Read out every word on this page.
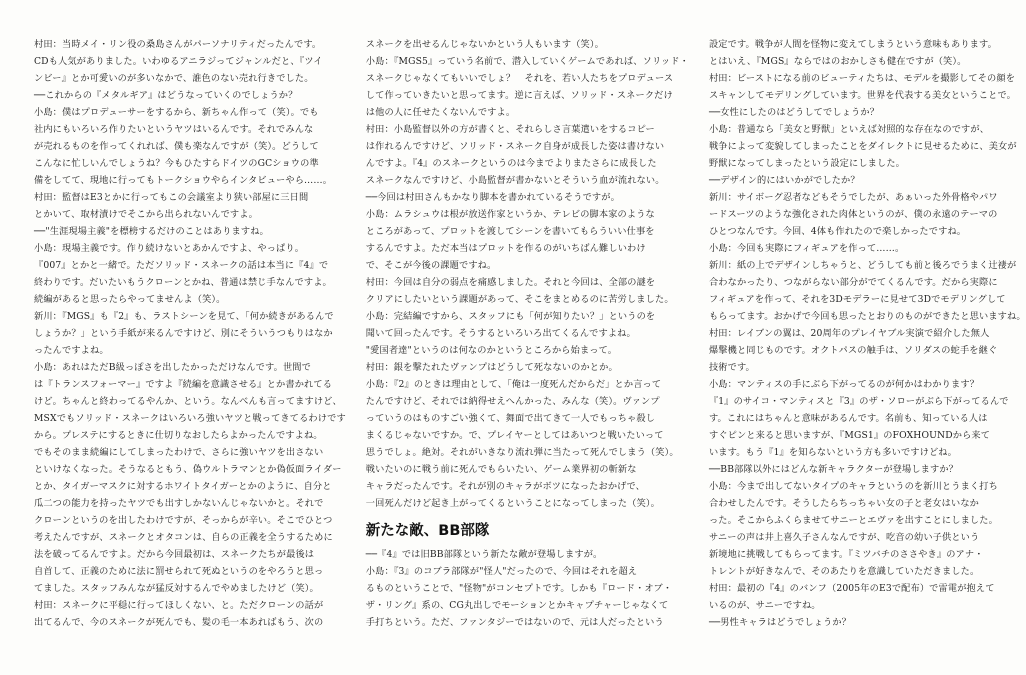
村田：当時メイ・リン役の桑島さんがパーソナリティだったんです。

CDも人気がありました。いわゆるアニラジってジャンルだと、『ツイ

ンビー』とか可愛いのが多いなかで、誰色のない売れ行きでした。

──これからの『メタルギア』はどうなっていくのでしょうか？

小島：僕はプロデューサーをするから、新ちゃん作って（笑）。でも

社内にもいろいろ作りたいというヤツはいるんです。それでみんな

が売れるものを作ってくれれば、僕も楽なんですが（笑）。どうして

こんなに忙しいんでしょうね？今もひたすらドイツのGCショウの準

備をしてて、現地に行ってもトークショウやらインタビューやら……。

村田：監督はE3とかに行ってもこの会議室より狭い部屋に三日間

とかいて、取材漬けでそこから出られないんですよ。

──"生涯現場主義"を標榜するだけのことはありますね。

小島：現場主義です。作り続けないとあかんですよ、やっぱり。

『007』とかと一緒で。ただソリッド・スネークの話は本当に『4』で

終わりです。だいたいもうクローンとかね、普通は禁じ手なんですよ。

続編があると思ったらやってませんよ（笑）。

新川：『MGS』も『2』も、ラストシーンを見て、「何か続きがあるんで

しょうか？」という手紙が来るんですけど、別にそういうつもりはなか

ったんですよね。

小島：あれはただB級っぽさを出したかっただけなんです。世間で

は『トランスフォーマー』ですよ『続編を意識させる』とか書かれてる

けど。ちゃんと終わってるやんか、という。なんべんも言ってますけど、

MSXでもソリッド・スネークはいろいろ強いヤツと戦ってきてるわけです

から。プレステにするときに仕切りなおしたらよかったんですよね。

でもそのまま続編にしてしまったわけで、さらに強いヤツを出さない

といけなくなった。そうなるともう、偽ウルトラマンとか偽仮面ライダー

とか、タイガーマスクに対するホワイトタイガーとかのように、自分と

瓜二つの能力を持ったヤツでも出すしかないんじゃないかと。それで

クローンというのを出したわけですが、そっからが辛い。そこでひとつ

考えたんですが、スネークとオタコンは、自らの正義を全うするために

法を破ってるんですよ。だから今回最初は、スネークたちが最後は

自首して、正義のために法に罰せられて死ぬというのをやろうと思っ

てました。スタッフみんなが猛反対するんでやめましたけど（笑）。

村田：スネークに平穏に行ってほしくない、と。ただクローンの話が

出てるんで、今のスネークが死んでも、髪の毛一本あればもう、次の

スネークを出せるんじゃないかという人もいます（笑）。

小島：『MGS5』っていう名前で、潜入していくゲームであれば、ソリッド・

スネークじゃなくてもいいでしょ？　それを、若い人たちをプロデュース

して作っていきたいと思ってます。逆に言えば、ソリッド・スネークだけ

は他の人に任せたくないんですよ。

村田：小島監督以外の方が書くと、それらしさ言葉遣いをするコピー

は作れるんですけど、ソリッド・スネーク自身が成長した姿は書けない

んですよ。『4』のスネークというのは今までよりまたさらに成長した

スネークなんですけど、小島監督が書かないとそういう血が流れない。

──今回は村田さんもかなり脚本を書かれているそうですが。

小島：ムラシュウは根が放送作家というか、テレビの脚本家のような

ところがあって、プロットを渡してシーンを書いてもらういい仕事を

するんですよ。ただ本当はプロットを作るのがいちばん難しいわけ

で、そこが今後の課題ですね。

村田：今回は自分の弱点を痛感しました。それと今回は、全部の謎を

クリアにしたいという課題があって、そこをまとめるのに苦労しました。

小島：完結編ですから、スタッフにも「何が知りたい？」というのを

聞いて回ったんです。そうするといろいろ出てくるんですよね。

"愛国者達"というのは何なのかというところから始まって。

村田：銀を撃たれたヴァンプはどうして死なないのかとか。

小島：『2』のときは理由として、「俺は一度死んだからだ」とか言って

たんですけど、それでは納得せえへんかった、みんな（笑）。ヴァンプ

っていうのはものすごい強くて、舞面で出てきて一人でもっちゃ殺し

まくるじゃないですか。で、プレイヤーとしてはあいつと戦いたいって

思うでしょ。絶対。それがいきなり流れ弾に当たって死んでしまう（笑）。

戦いたいのに戦う前に死んでもらいたい、ゲーム業界初の斬新な

キャラだったんです。それが別のキャラがボツになったおかげで、

一回死んだけど起き上がってくるということになってしまった（笑）。

新たな敵、BB部隊

──『4』では旧BB部隊という新たな敵が登場しますが。

小島：『3』のコブラ部隊が"怪人"だったので、今回はそれを超え

るものということで、"怪物"がコンセプトです。しかも『ロード・オブ・

ザ・リング』系の、CG丸出しでモーションとかキャプチャーじゃなくて

手打ちという。ただ、ファンタジーではないので、元は人だったという

設定です。戦争が人間を怪物に変えてしまうという意味もあります。

とはいえ、『MGS』ならではのおかしさも健在ですが（笑）。

村田：ビーストになる前のビューティたちは、モデルを撮影してその顔を

スキャンしてモデリングしています。世界を代表する美女ということで。

──女性にしたのはどうしてでしょうか？

小島：普通なら「美女と野獣」といえば対照的な存在なのですが、

戦争によって変貌してしまったことをダイレクトに見せるために、美女が

野獣になってしまったという設定にしました。

──デザイン的にはいかがでしたか？

新川：サイボーグ忍者などもそうでしたが、あぁいった外骨格やパワ

ードスーツのような強化された肉体というのが、僕の永遠のテーマの

ひとつなんです。今回、4体も作れたので楽しかったですね。

小島：今回も実際にフィギュアを作って……。

新川：紙の上でデザインしちゃうと、どうしても前と後ろでうまく辻褄が

合わなかったり、つながらない部分がでてくるんです。だから実際に

フィギュアを作って、それを3Dモデラーに見せて3Dでモデリングして

もらってます。おかげで今回も思ったとおりのものができたと思いますね。

村田：レイブンの翼は、20周年のプレイヤブル実演で紹介した無人

爆撃機と同じものです。オクトパスの触手は、ソリダスの蛇手を継ぐ

技術です。

小島：マンティスの手にぶら下がってるのが何かはわかります？

『1』のサイコ・マンティスと『3』のザ・ソローがぶら下がってるんで

す。これにはちゃんと意味があるんです。名前も、知っている人は

すぐピンと来ると思いますが、『MGS1』のFOXHOUNDから来て

います。もう『1』を知らないという方も多いですけどね。

──BB部隊以外にはどんな新キャラクターが登場しますか？

小島：今まで出してないタイプのキャラというのを新川とうまく打ち

合わせしたんです。そうしたらちっちゃい女の子と老女はいなか

った。そこからふくらませてサニーとエヴァを出すことにしました。

サニーの声は井上喜久子さんなんですが、吃音の幼い子供という

新境地に挑戦してもらってます。『ミツバチのささやき』のアナ・

トレントが好きなんで、そのあたりを意識していただきました。

村田：最初の『4』のバンフ（2005年のE3で配布）で雷電が抱えて

いるのが、サニーですね。

──男性キャラはどうでしょうか？
